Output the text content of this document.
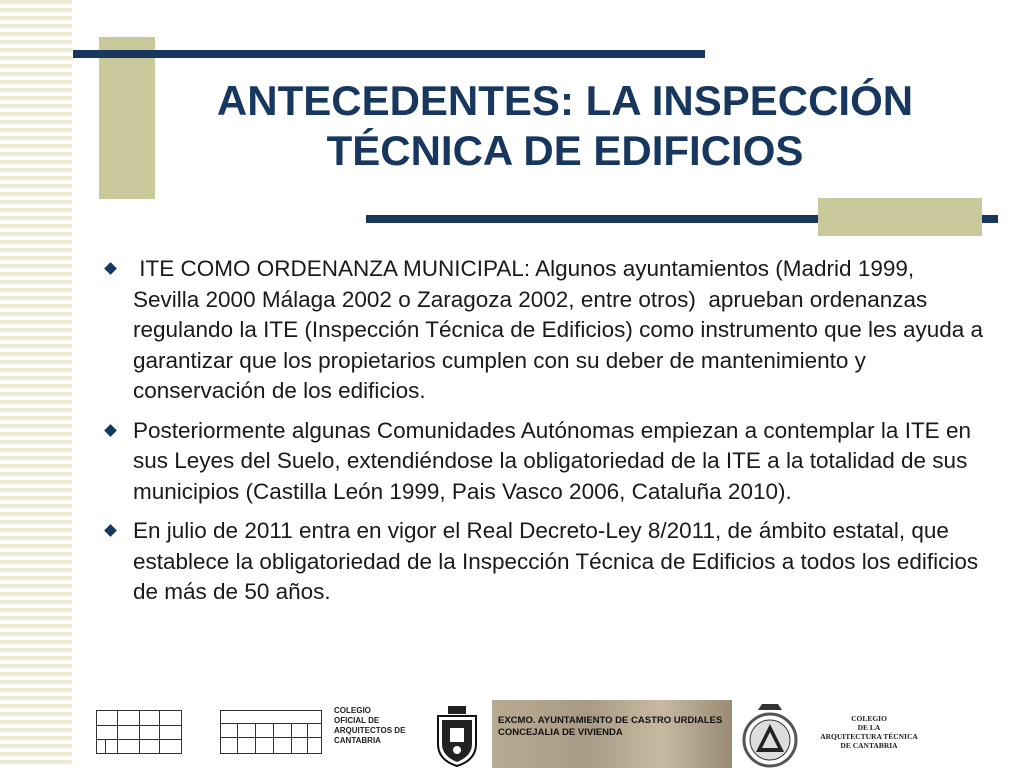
ANTECEDENTES: LA INSPECCIÓN
TÉCNICA DE EDIFICIOS
ITE COMO ORDENANZA MUNICIPAL: Algunos ayuntamientos (Madrid 1999, Sevilla 2000 Málaga 2002 o Zaragoza 2002, entre otros)  aprueban ordenanzas regulando la ITE (Inspección Técnica de Edificios) como instrumento que les ayuda a garantizar que los propietarios cumplen con su deber de mantenimiento y conservación de los edificios.
Posteriormente algunas Comunidades Autónomas empiezan a contemplar la ITE en sus Leyes del Suelo, extendiéndose la obligatoriedad de la ITE a la totalidad de sus municipios (Castilla León 1999, Pais Vasco 2006, Cataluña 2010).
En julio de 2011 entra en vigor el Real Decreto-Ley 8/2011, de ámbito estatal, que establece la obligatoriedad de la Inspección Técnica de Edificios a todos los edificios de más de 50 años.
COLEGIO
OFICIAL DE
ARQUITECTOS DE
CANTABRIA
EXCMO. AYUNTAMIENTO DE CASTRO URDIALES
CONCEJALIA DE VIVIENDA
COLEGIO
DE LA
ARQUITECTURA TÉCNICA
DE CANTABRIA
